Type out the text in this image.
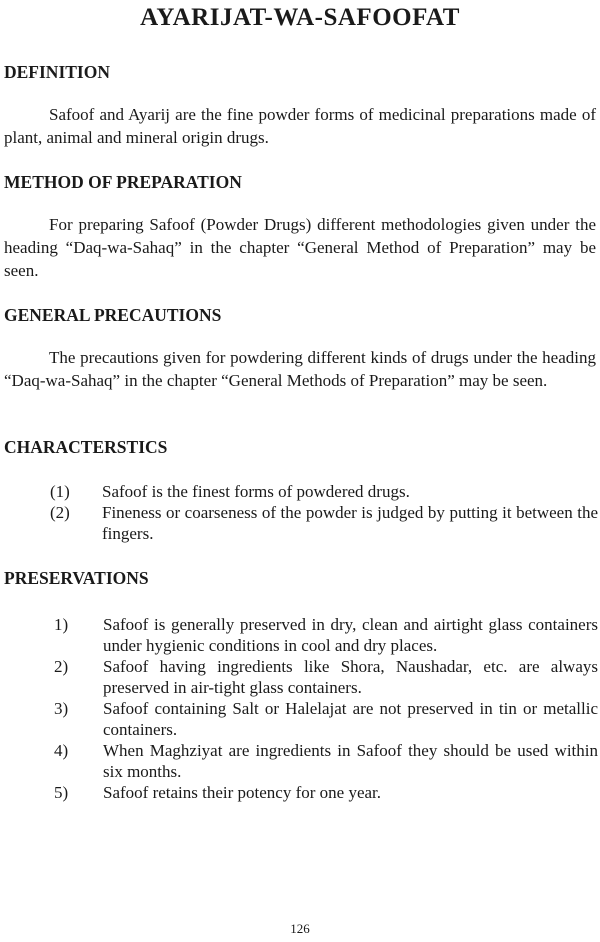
AYARIJAT-WA-SAFOOFAT
DEFINITION

Safoof and Ayarij are the fine powder forms of medicinal preparations made of plant, animal and mineral origin drugs.

METHOD OF PREPARATION

For preparing Safoof (Powder Drugs) different methodologies given under the heading “Daq-wa-Sahaq” in the chapter “General Method of Preparation” may be seen.

GENERAL PRECAUTIONS

The precautions given for powdering different kinds of drugs under the heading “Daq-wa-Sahaq” in the chapter “General Methods of Preparation” may be seen.

CHARACTERSTICS
(1) Safoof is the finest forms of powdered drugs.
(2) Fineness or coarseness of the powder is judged by putting it between the fingers.
PRESERVATIONS
1) Safoof is generally preserved in dry, clean and airtight glass containers under hygienic conditions in cool and dry places.
2) Safoof having ingredients like Shora, Naushadar, etc. are always preserved in air-tight glass containers.
3) Safoof containing Salt or Halelajat are not preserved in tin or metallic containers.
4) When Maghziyat are ingredients in Safoof they should be used within six months.
5) Safoof retains their potency for one year.

126
